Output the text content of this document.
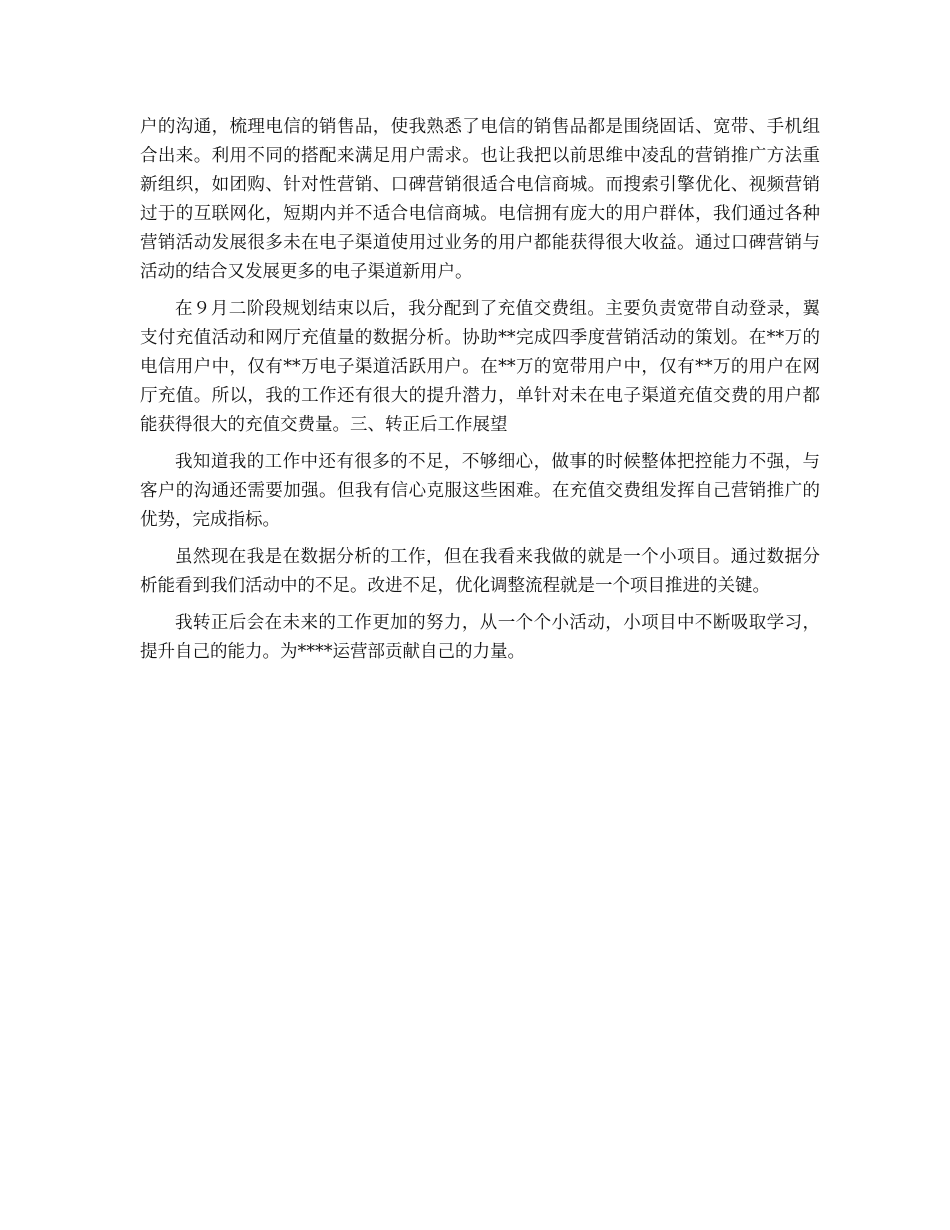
户的沟通，梳理电信的销售品，使我熟悉了电信的销售品都是围绕固话、宽带、手机组合出来。利用不同的搭配来满足用户需求。也让我把以前思维中凌乱的营销推广方法重新组织，如团购、针对性营销、口碑营销很适合电信商城。而搜索引擎优化、视频营销过于的互联网化，短期内并不适合电信商城。电信拥有庞大的用户群体，我们通过各种营销活动发展很多未在电子渠道使用过业务的用户都能获得很大收益。通过口碑营销与活动的结合又发展更多的电子渠道新用户。

在９月二阶段规划结束以后，我分配到了充值交费组。主要负责宽带自动登录，翼支付充值活动和网厅充值量的数据分析。协助**完成四季度营销活动的策划。在**万的电信用户中，仅有**万电子渠道活跃用户。在**万的宽带用户中，仅有**万的用户在网厅充值。所以，我的工作还有很大的提升潜力，单针对未在电子渠道充值交费的用户都能获得很大的充值交费量。三、转正后工作展望

我知道我的工作中还有很多的不足，不够细心，做事的时候整体把控能力不强，与客户的沟通还需要加强。但我有信心克服这些困难。在充值交费组发挥自己营销推广的优势，完成指标。

虽然现在我是在数据分析的工作，但在我看来我做的就是一个小项目。通过数据分析能看到我们活动中的不足。改进不足，优化调整流程就是一个项目推进的关键。

我转正后会在未来的工作更加的努力，从一个个小活动，小项目中不断吸取学习，提升自己的能力。为****运营部贡献自己的力量。
